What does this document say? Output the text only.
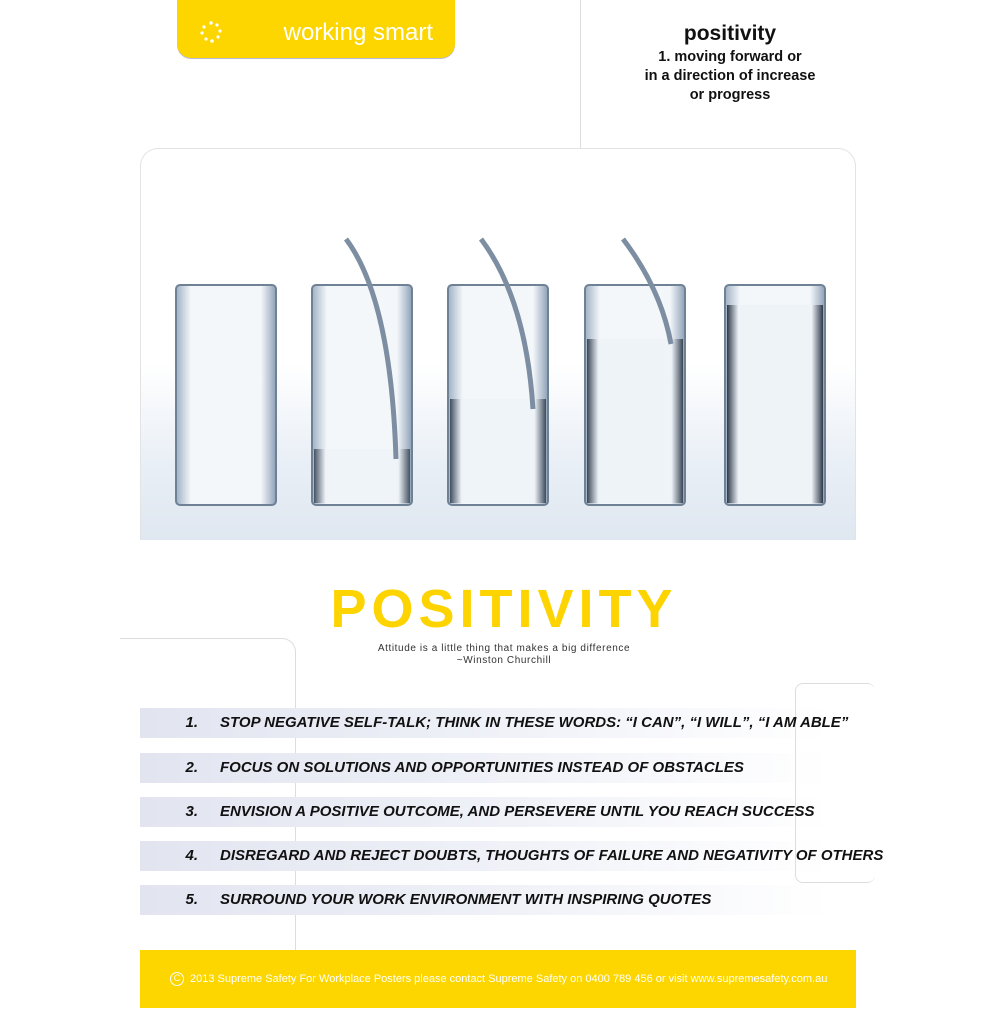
working smart	positivity
1. moving forward or
in a direction of increase
or progress
POSITIVITY
Attitude is a little thing that makes a big difference
~Winston Churchill
1. STOP NEGATIVE SELF-TALK; THINK IN THESE WORDS: “I CAN”, “I WILL”, “I AM ABLE”
2. FOCUS ON SOLUTIONS AND OPPORTUNITIES INSTEAD OF OBSTACLES
3. ENVISION A POSITIVE OUTCOME, AND PERSEVERE UNTIL YOU REACH SUCCESS
4. DISREGARD AND REJECT DOUBTS, THOUGHTS OF FAILURE AND NEGATIVITY OF OTHERS
5. SURROUND YOUR WORK ENVIRONMENT WITH INSPIRING QUOTES
C 2013 Supreme Safety For Workplace Posters please contact Supreme Safety on 0400 789 456 or visit www.supremesafety.com.au
